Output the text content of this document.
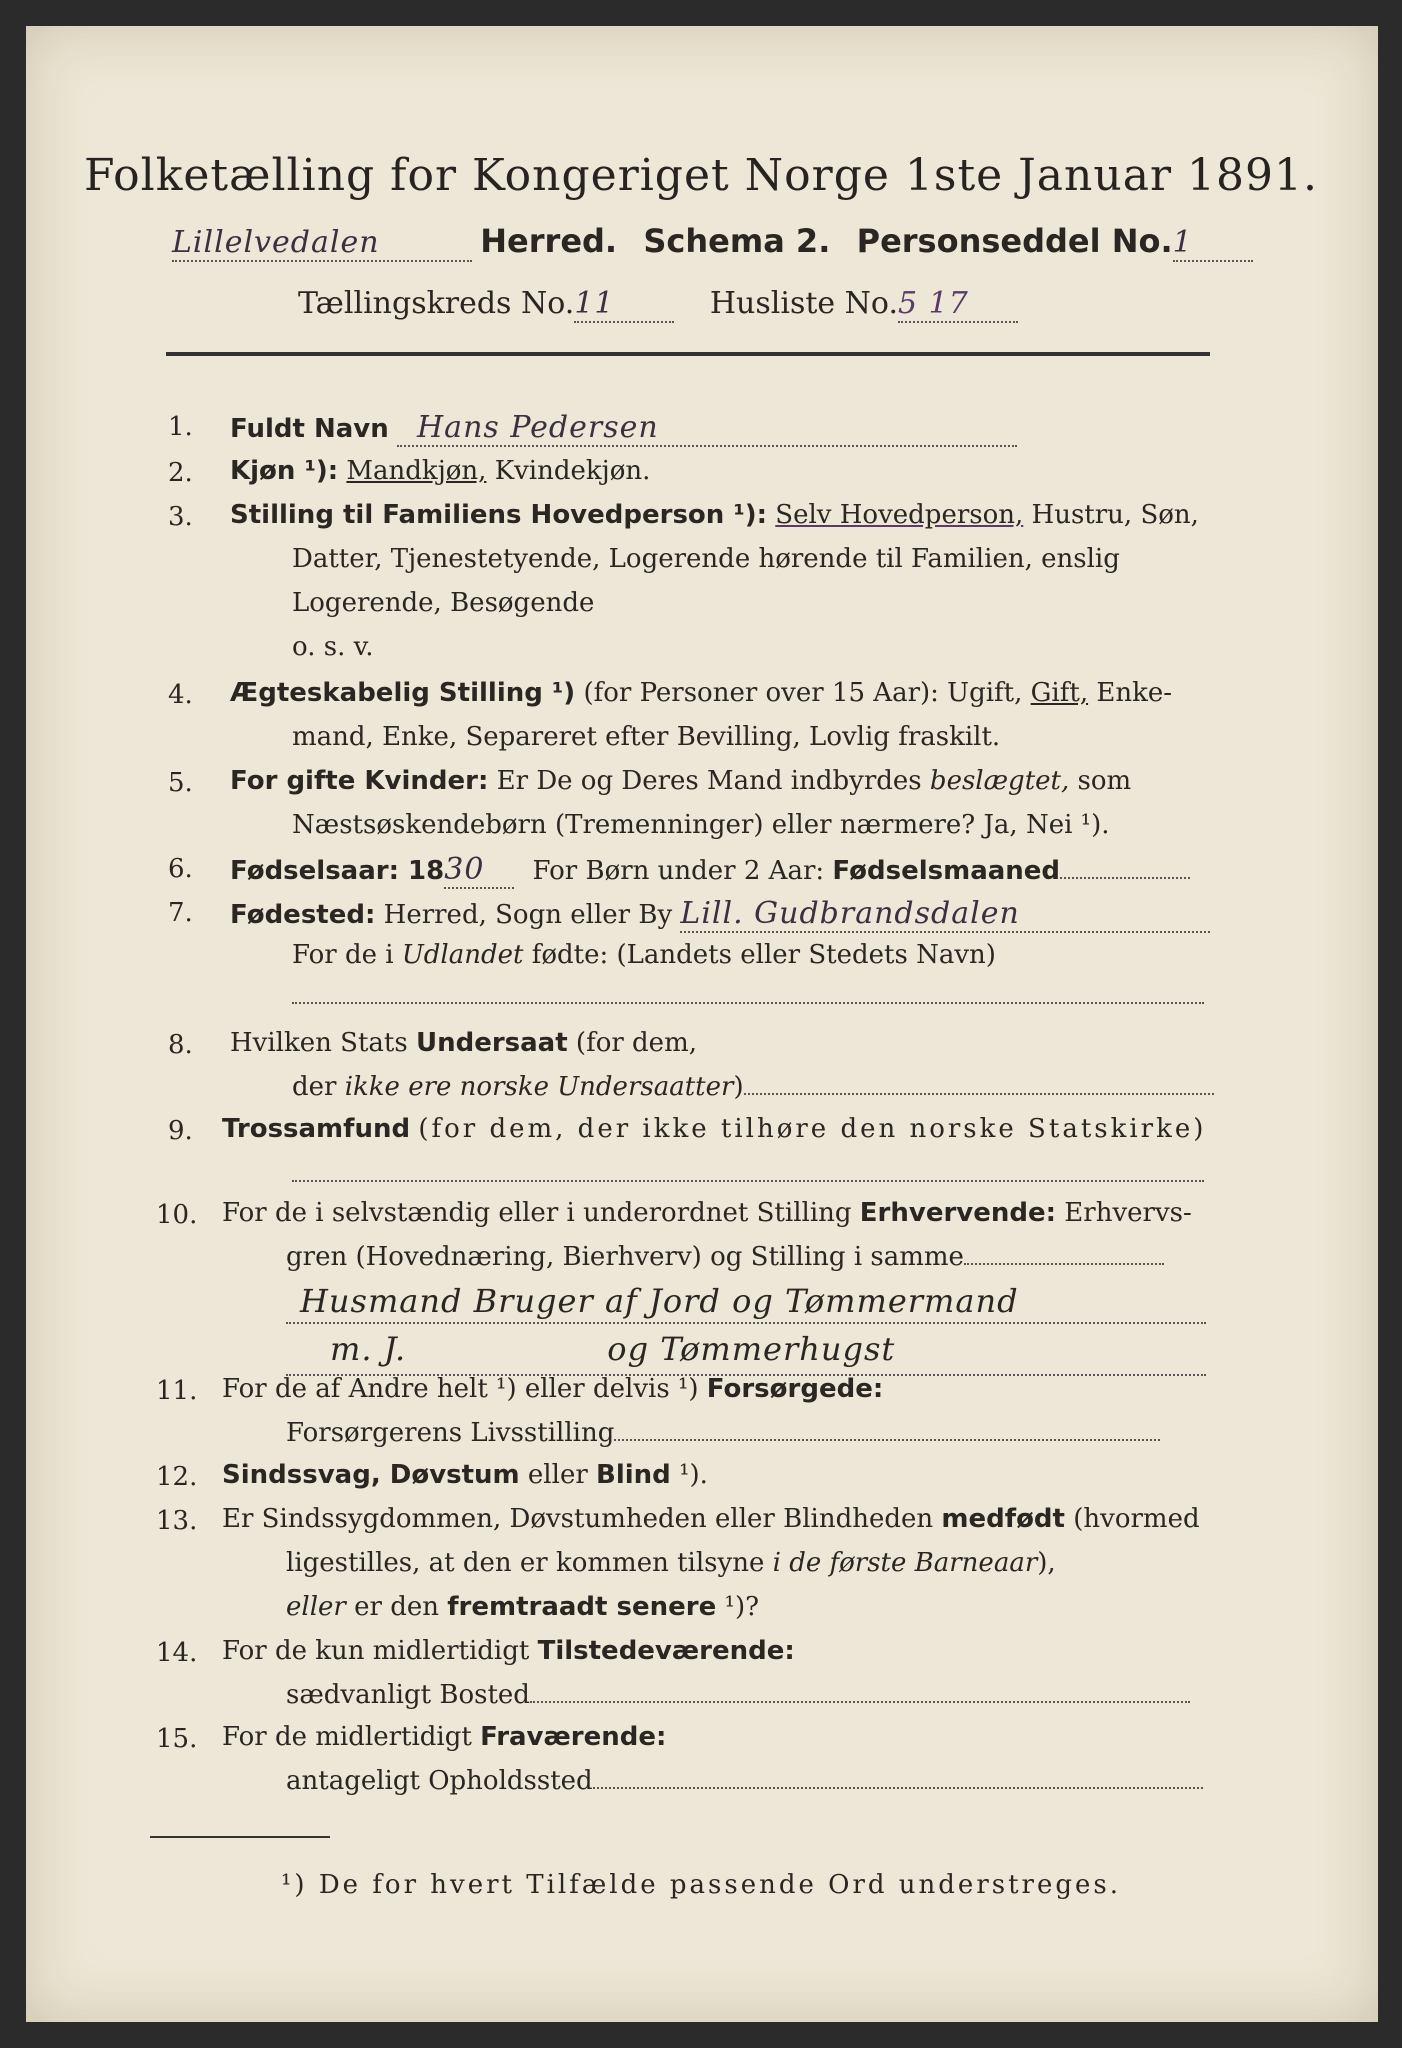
Folketælling for Kongeriget Norge 1ste Januar 1891.
Lillelvedalen	Herred. Schema 2. Personseddel No.1
Tællingskreds No.11	Husliste No.5 17
1. Fuldt Navn Hans Pedersen
2. Kjøn ¹): Mandkjøn, Kvindekjøn.
3. Stilling til Familiens Hovedperson ¹): Selv Hovedperson, Hustru, Søn,
Datter, Tjenestetyende, Logerende hørende til Familien, enslig
Logerende, Besøgende
o. s. v.
4. Ægteskabelig Stilling ¹) (for Personer over 15 Aar): Ugift, Gift, Enke-
mand, Enke, Separeret efter Bevilling, Lovlig fraskilt.
5. For gifte Kvinder: Er De og Deres Mand indbyrdes beslægtet, som
Næstsøskendebørn (Tremenninger) eller nærmere? Ja, Nei ¹).
6. Fødselsaar: 1830 For Børn under 2 Aar: Fødselsmaaned
7. Fødested: Herred, Sogn eller By Lill. Gudbrandsdalen
For de i Udlandet fødte: (Landets eller Stedets Navn)
8. Hvilken Stats Undersaat (for dem,
der ikke ere norske Undersaatter)
9. Trossamfund (for dem, der ikke tilhøre den norske Statskirke)
10. For de i selvstændig eller i underordnet Stilling Erhvervende: Erhvervs-
gren (Hovednæring, Bierhverv) og Stilling i samme
Husmand Bruger af Jord og Tømmermand
m. J.                  og Tømmerhugst
11. For de af Andre helt ¹) eller delvis ¹) Forsørgede:
Forsørgerens Livsstilling
12. Sindssvag, Døvstum eller Blind ¹).
13. Er Sindssygdommen, Døvstumheden eller Blindheden medfødt (hvormed
ligestilles, at den er kommen tilsyne i de første Barneaar),
eller er den fremtraadt senere ¹)?
14. For de kun midlertidigt Tilstedeværende:
sædvanligt Bosted
15. For de midlertidigt Fraværende:
antageligt Opholdssted
¹) De for hvert Tilfælde passende Ord understreges.
